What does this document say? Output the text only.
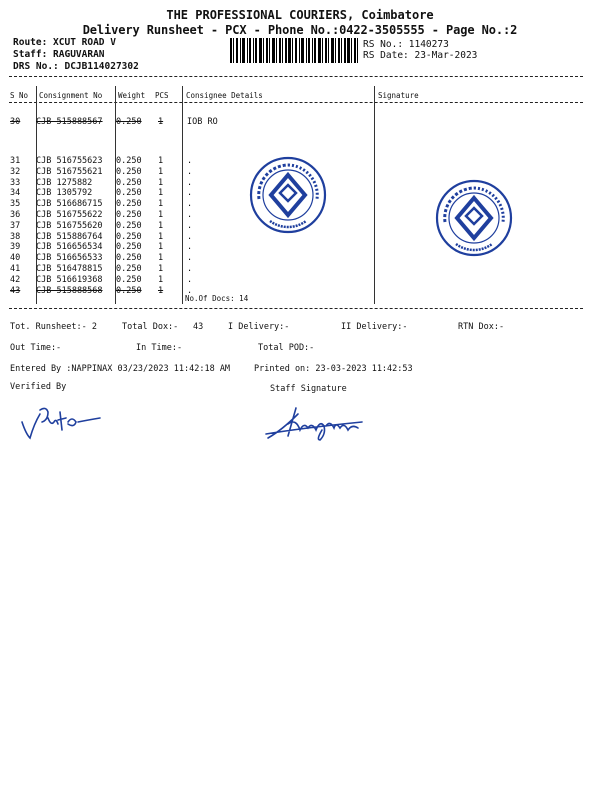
THE PROFESSIONAL COURIERS, Coimbatore
Delivery Runsheet - PCX - Phone No.:0422-3505555 - Page No.:2
Route: XCUT ROAD V
Staff: RAGUVARAN
DRS No.: DCJB114027302
RS No.: 1140273
RS Date: 23-Mar-2023
S No Consignment No Weight PCS Consignee Details	Signature
30 CJB 515888567 0.250 1	IOB RO
31 CJB 516755623 0.250 1	.
32 CJB 516755621 0.250 1	.
33 CJB 1275882	0.250 1	.
34 CJB 1305792	0.250 1	.
35 CJB 516686715 0.250 1	.
36 CJB 516755622 0.250 1	.
37 CJB 516755620 0.250 1	.
38 CJB 515886764 0.250 1	.
39 CJB 516656534 0.250 1	.
40 CJB 516656533 0.250 1	.
41 CJB 516478815 0.250 1	.
42 CJB 516619368 0.250 1	.
43 CJB 515888568 0.250 1	.
No.Of Docs: 14
Tot. Runsheet:- 2	Total Dox:- 43	I Delivery:-	II Delivery:-	RTN Dox:-
Out Time:-	In Time:-	Total POD:-
Entered By :NAPPINAX 03/23/2023 11:42:18 AM	Printed on: 23-03-2023 11:42:53
Verified By	Staff Signature
